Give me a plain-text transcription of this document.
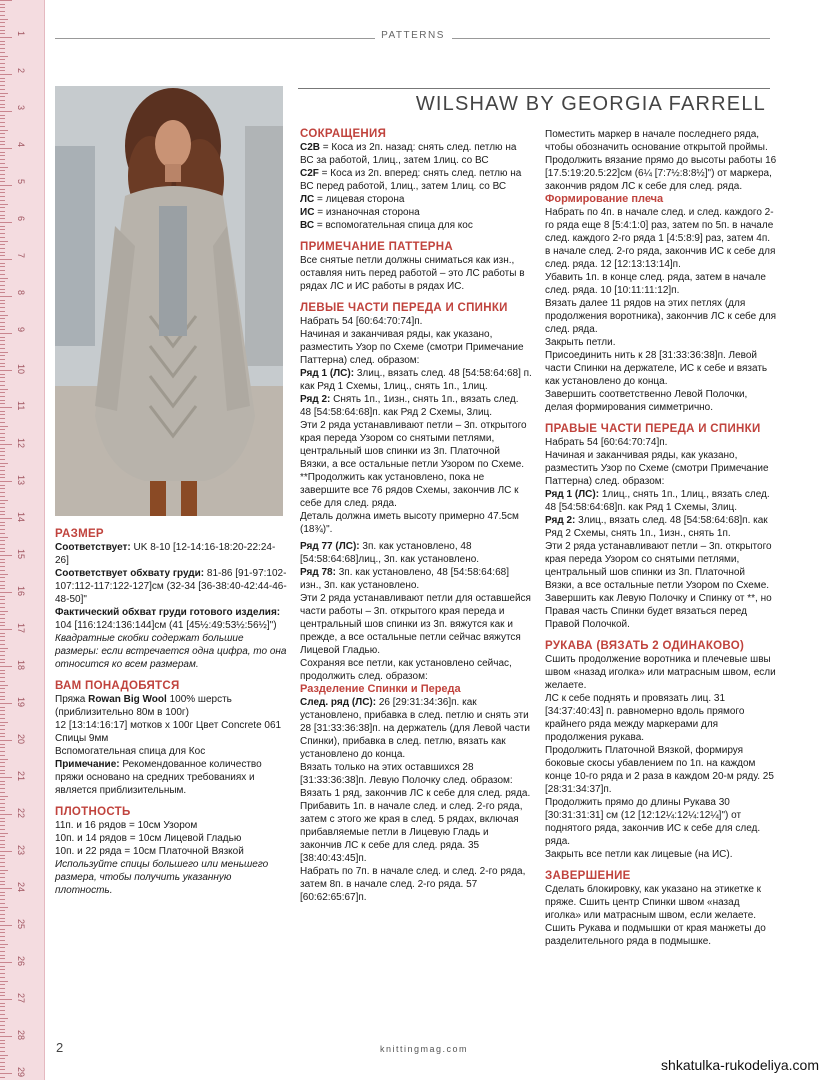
1
2
3
4
5
6
7
8
9
10
11
12
13
14
15
16
17
18
19
20
21
22
23
24
25
26
27
28
29
PATTERNS
WILSHAW BY GEORGIA FARRELL
РАЗМЕР

Соответствует: UK 8-10 [12-14:16-18:20-22:24-26]

Соответствует обхвату груди: 81-86 [91-97:102-107:112-117:122-127]см (32-34 [36-38:40-42:44-46-48-50]"

Фактический обхват груди готового изделия: 104 [116:124:136:144]см (41 [45½:49:53½:56½]")

Квадратные скобки содержат большие размеры: если встречается одна цифра, то она относится ко всем размерам.

ВАМ ПОНАДОБЯТСЯ

Пряжа Rowan Big Wool 100% шерсть (приблизительно 80м в 100г)

12 [13:14:16:17] мотков х 100г Цвет Concrete 061

Спицы 9мм

Вспомогательная спица для Кос

Примечание: Рекомендованное количество пряжи основано на средних требованиях и является приблизительным.

ПЛОТНОСТЬ

11п. и 16 рядов = 10см Узором

10п. и 14 рядов = 10см Лицевой Гладью

10п. и 22 ряда = 10см Платочной Вязкой

Используйте спицы большего или меньшего размера, чтобы получить указанную плотность.

СОКРАЩЕНИЯ

C2B = Коса из 2п. назад: снять след. петлю на ВС за работой, 1лиц., затем 1лиц. со ВС

C2F = Коса из 2п. вперед: снять след. петлю на ВС перед работой, 1лиц., затем 1лиц. со ВС

ЛС = лицевая сторона

ИС = изнаночная сторона

ВС = вспомогательная спица для кос

ПРИМЕЧАНИЕ ПАТТЕРНА

Все снятые петли должны сниматься как изн., оставляя нить перед работой – это ЛС работы в рядах ЛС и ИС работы в рядах ИС.

ЛЕВЫЕ ЧАСТИ ПЕРЕДА И СПИНКИ

Набрать 54 [60:64:70:74]п.

Начиная и заканчивая ряды, как указано, разместить Узор по Схеме (смотри Примечание Паттерна) след. образом:

Ряд 1 (ЛС): 3лиц., вязать след. 48 [54:58:64:68] п. как Ряд 1 Схемы, 1лиц., снять 1п., 1лиц.

Ряд 2: Снять 1п., 1изн., снять 1п., вязать след. 48 [54:58:64:68]п. как Ряд 2 Схемы, 3лиц.

Эти 2 ряда устанавливают петли – 3п. открытого края переда Узором со снятыми петлями, центральный шов спинки из 3п. Платочной Вязки, а все остальные петли Узором по Схеме.

**Продолжить как установлено, пока не завершите все 76 рядов Схемы, закончив ЛС к себе для след. ряда.

Деталь должна иметь высоту примерно 47.5см (18¾)".

Ряд 77 (ЛС): 3п. как установлено, 48 [54:58:64:68]лиц., 3п. как установлено.

Ряд 78: 3п. как установлено, 48 [54:58:64:68] изн., 3п. как установлено.

Эти 2 ряда устанавливают петли для оставшейся части работы – 3п. открытого края переда и центральный шов спинки из 3п. вяжутся как и прежде, а все остальные петли сейчас вяжутся Лицевой Гладью.

Сохраняя все петли, как установлено сейчас, продолжить след. образом:

Разделение Спинки и Переда

След. ряд (ЛС): 26 [29:31:34:36]п. как установлено, прибавка в след. петлю и снять эти 28 [31:33:36:38]п. на держатель (для Левой части Спинки), прибавка в след. петлю, вязать как установлено до конца.

Вязать только на этих оставшихся 28 [31:33:36:38]п. Левую Полочку след. образом:

Вязать 1 ряд, закончив ЛС к себе для след. ряда.

Прибавить 1п. в начале след. и след. 2-го ряда, затем с этого же края в след. 5 рядах, включая прибавляемые петли в Лицевую Гладь и закончив ЛС к себе для след. ряда. 35 [38:40:43:45]п.

Набрать по 7п. в начале след. и след. 2-го ряда, затем 8п. в начале след. 2-го ряда. 57 [60:62:65:67]п.

Поместить маркер в начале последнего ряда, чтобы обозначить основание открытой проймы.

Продолжить вязание прямо до высоты работы 16 [17.5:19:20.5:22]см (6¼ [7:7½:8:8½]") от маркера, закончив рядом ЛС к себе для след. ряда.

Формирование плеча

Набрать по 4п. в начале след. и след. каждого 2-го ряда еще 8 [5:4:1:0] раз, затем по 5п. в начале след. каждого 2-го ряда 1 [4:5:8:9] раз, затем 4п. в начале след. 2-го ряда, закончив ИС к себе для след. ряда. 12 [12:13:13:14]п.

Убавить 1п. в конце след. ряда, затем в начале след. ряда. 10 [10:11:11:12]п.

Вязать далее 11 рядов на этих петлях (для продолжения воротника), закончив ЛС к себе для след. ряда.

Закрыть петли.

Присоединить нить к 28 [31:33:36:38]п. Левой части Спинки на держателе, ИС к себе и вязать как установлено до конца.

Завершить соответственно Левой Полочки, делая формирования симметрично.

ПРАВЫЕ ЧАСТИ ПЕРЕДА И СПИНКИ

Набрать 54 [60:64:70:74]п.

Начиная и заканчивая ряды, как указано, разместить Узор по Схеме (смотри Примечание Паттерна) след. образом:

Ряд 1 (ЛС): 1лиц., снять 1п., 1лиц., вязать след. 48 [54:58:64:68]п. как Ряд 1 Схемы, 3лиц.

Ряд 2: 3лиц., вязать след. 48 [54:58:64:68]п. как Ряд 2 Схемы, снять 1п., 1изн., снять 1п.

Эти 2 ряда устанавливают петли – 3п. открытого края переда Узором со снятыми петлями, центральный шов спинки из 3п. Платочной Вязки, а все остальные петли Узором по Схеме.

Завершить как Левую Полочку и Спинку от **, но Правая часть Спинки будет вязаться перед Правой Полочкой.

РУКАВА (ВЯЗАТЬ 2 ОДИНАКОВО)

Сшить продолжение воротника и плечевые швы швом «назад иголка» или матрасным швом, если желаете.

ЛС к себе поднять и провязать лиц. 31 [34:37:40:43] п. равномерно вдоль прямого крайнего ряда между маркерами для продолжения рукава.

Продолжить Платочной Вязкой, формируя боковые скосы убавлением по 1п. на каждом конце 10-го ряда и 2 раза в каждом 20-м ряду. 25 [28:31:34:37]п.

Продолжить прямо до длины Рукава 30 [30:31:31:31] см (12 [12:12¼:12¼:12¼]") от поднятого ряда, закончив ИС к себе для след. ряда.

Закрыть все петли как лицевые (на ИС).

ЗАВЕРШЕНИЕ

Сделать блокировку, как указано на этикетке к пряже. Сшить центр Спинки швом «назад иголка» или матрасным швом, если желаете.

Сшить Рукава и подмышки от края манжеты до разделительного ряда в подмышке.

2	knittingmag.com
shkatulka-rukodeliya.com
